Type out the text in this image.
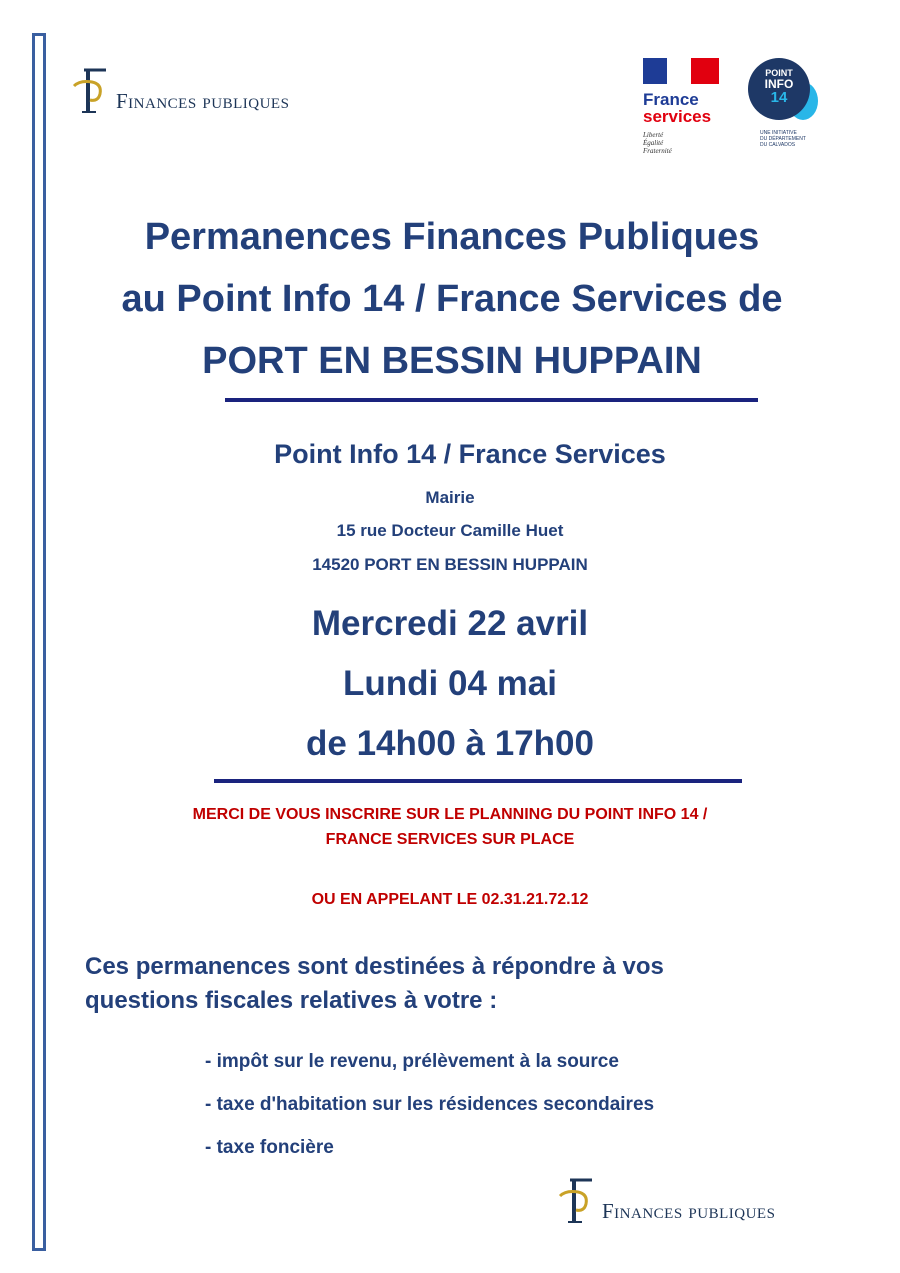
Finances publiques	France
services
Liberté
Égalité
Fraternité
POINT
INFO
14
UNE INITIATIVE
DU DÉPARTEMENT
DU CALVADOS
Permanences Finances Publiques
au Point Info 14 / France Services de
PORT EN BESSIN HUPPAIN
Point Info 14 / France Services
Mairie
15 rue Docteur Camille Huet
14520 PORT EN BESSIN HUPPAIN
Mercredi 22 avril
Lundi 04 mai
de 14h00 à 17h00
MERCI DE VOUS INSCRIRE SUR LE PLANNING DU POINT INFO 14 /
FRANCE SERVICES SUR PLACE
OU EN APPELANT LE 02.31.21.72.12
Ces permanences sont destinées à répondre à vos
questions fiscales relatives à votre :
- impôt sur le revenu, prélèvement à la source
- taxe d'habitation sur les résidences secondaires
- taxe foncière
Finances publiques
